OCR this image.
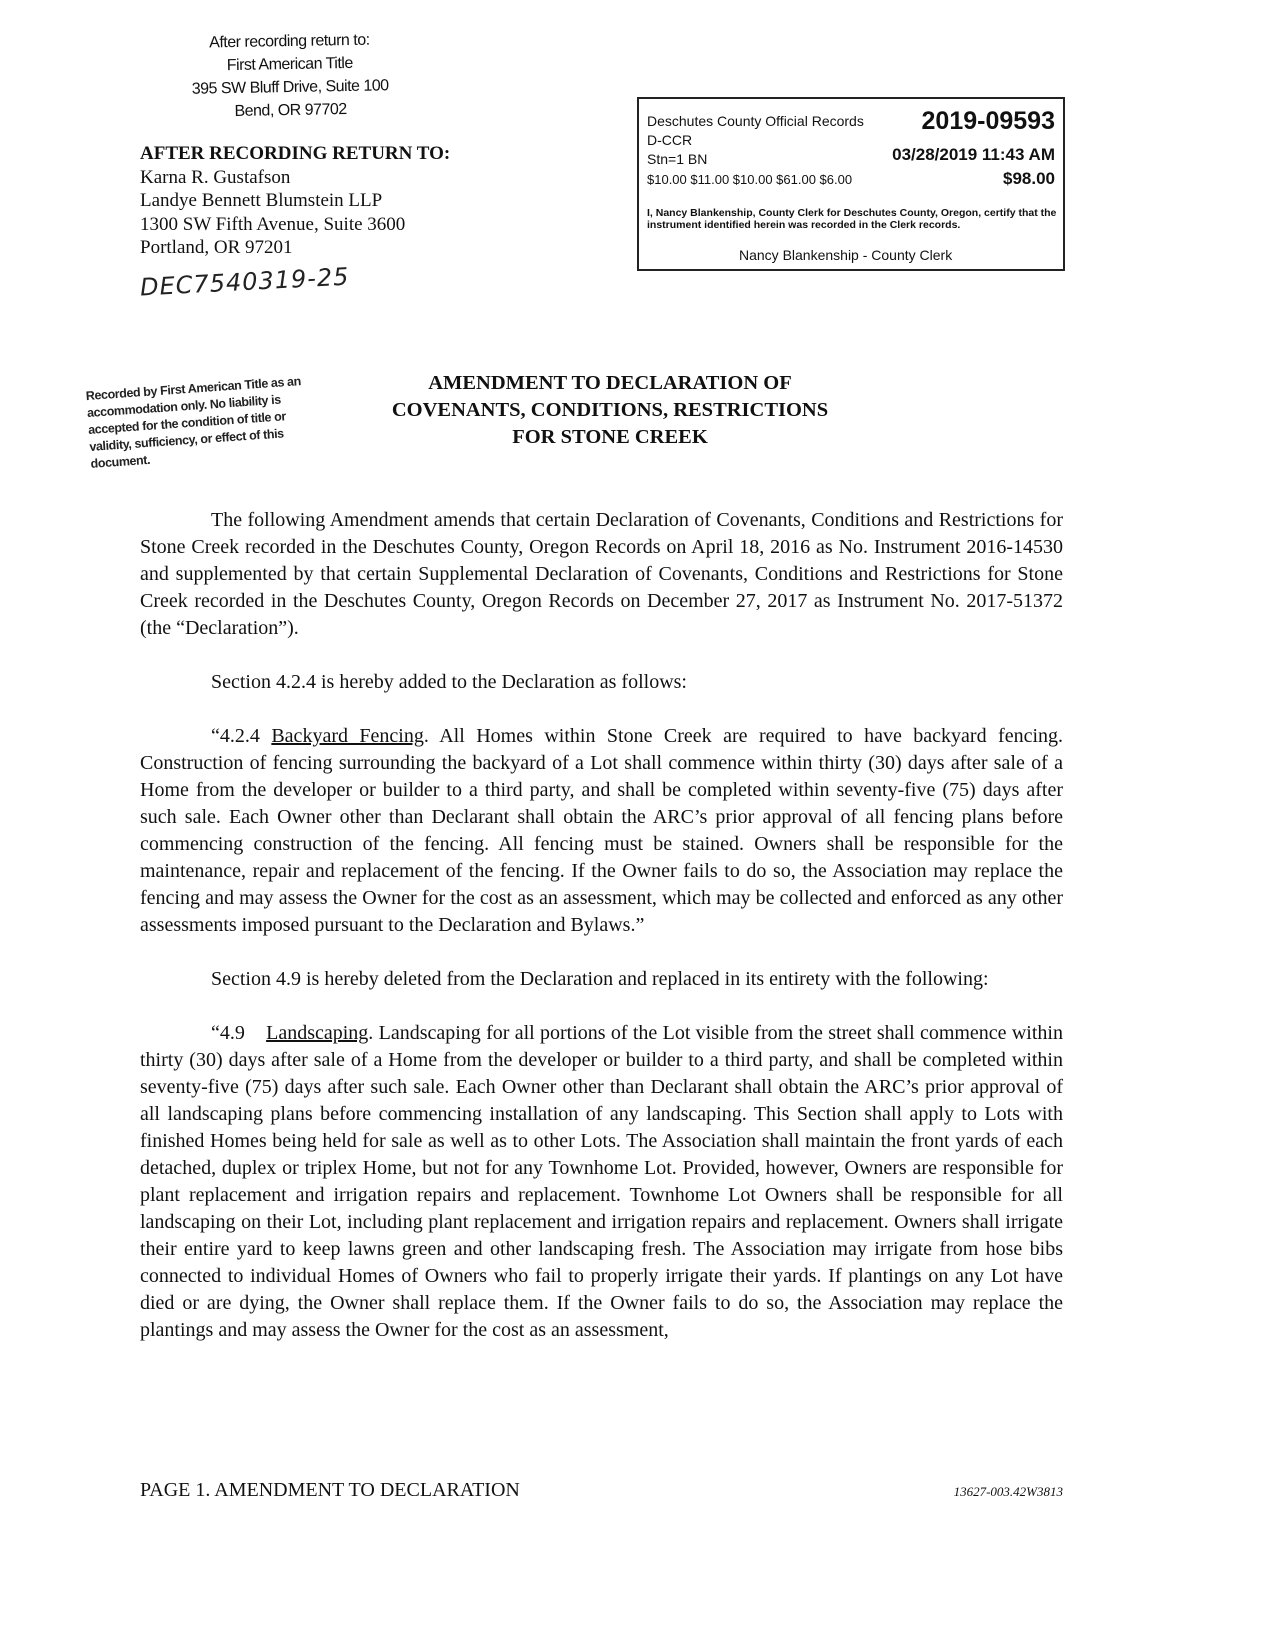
After recording return to:
First American Title
395 SW Bluff Drive, Suite 100
Bend, OR 97702
AFTER RECORDING RETURN TO:
Karna R. Gustafson
Landye Bennett Blumstein LLP
1300 SW Fifth Avenue, Suite 3600
Portland, OR 97201
DEC7540319-25
Deschutes County Official Records 2019-09593
D-CCR
Stn=1 BN	03/28/2019 11:43 AM
$10.00 $11.00 $10.00 $61.00 $6.00	$98.00
I, Nancy Blankenship, County Clerk for Deschutes County, Oregon, certify that the instrument identified herein was recorded in the Clerk records.
Nancy Blankenship - County Clerk
Recorded by First American Title as an accommodation only. No liability is accepted for the condition of title or validity, sufficiency, or effect of this document.
AMENDMENT TO DECLARATION OF
COVENANTS, CONDITIONS, RESTRICTIONS
FOR STONE CREEK

The following Amendment amends that certain Declaration of Covenants, Conditions and Restrictions for Stone Creek recorded in the Deschutes County, Oregon Records on April 18, 2016 as No. Instrument 2016-14530 and supplemented by that certain Supplemental Declaration of Covenants, Conditions and Restrictions for Stone Creek recorded in the Deschutes County, Oregon Records on December 27, 2017 as Instrument No. 2017-51372 (the “Declaration”).

Section 4.2.4 is hereby added to the Declaration as follows:

“4.2.4 Backyard Fencing. All Homes within Stone Creek are required to have backyard fencing. Construction of fencing surrounding the backyard of a Lot shall commence within thirty (30) days after sale of a Home from the developer or builder to a third party, and shall be completed within seventy-five (75) days after such sale. Each Owner other than Declarant shall obtain the ARC’s prior approval of all fencing plans before commencing construction of the fencing. All fencing must be stained. Owners shall be responsible for the maintenance, repair and replacement of the fencing. If the Owner fails to do so, the Association may replace the fencing and may assess the Owner for the cost as an assessment, which may be collected and enforced as any other assessments imposed pursuant to the Declaration and Bylaws.”

Section 4.9 is hereby deleted from the Declaration and replaced in its entirety with the following:

“4.9    Landscaping. Landscaping for all portions of the Lot visible from the street shall commence within thirty (30) days after sale of a Home from the developer or builder to a third party, and shall be completed within seventy-five (75) days after such sale. Each Owner other than Declarant shall obtain the ARC’s prior approval of all landscaping plans before commencing installation of any landscaping. This Section shall apply to Lots with finished Homes being held for sale as well as to other Lots. The Association shall maintain the front yards of each detached, duplex or triplex Home, but not for any Townhome Lot. Provided, however, Owners are responsible for plant replacement and irrigation repairs and replacement. Townhome Lot Owners shall be responsible for all landscaping on their Lot, including plant replacement and irrigation repairs and replacement. Owners shall irrigate their entire yard to keep lawns green and other landscaping fresh. The Association may irrigate from hose bibs connected to individual Homes of Owners who fail to properly irrigate their yards. If plantings on any Lot have died or are dying, the Owner shall replace them. If the Owner fails to do so, the Association may replace the plantings and may assess the Owner for the cost as an assessment,

PAGE 1. AMENDMENT TO DECLARATION	13627-003.42W3813
